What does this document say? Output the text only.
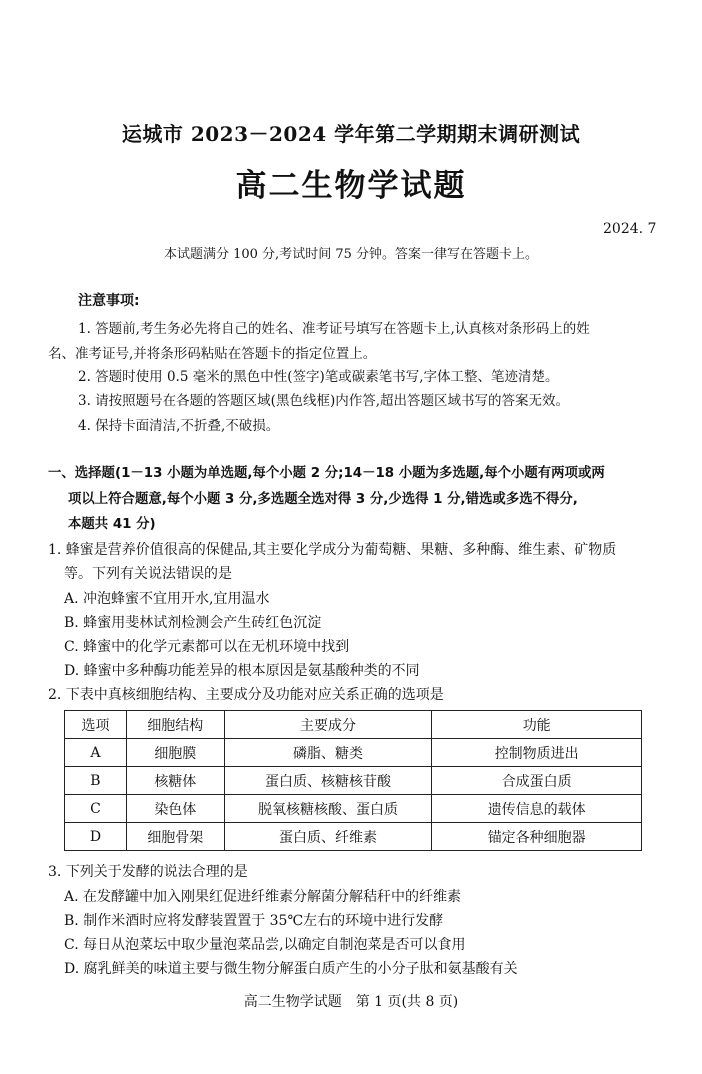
运城市 2023－2024 学年第二学期期末调研测试
高二生物学试题
2024. 7
本试题满分 100 分,考试时间 75 分钟。答案一律写在答题卡上。
注意事项:
1. 答题前,考生务必先将自己的姓名、准考证号填写在答题卡上,认真核对条形码上的姓
名、准考证号,并将条形码粘贴在答题卡的指定位置上。
2. 答题时使用 0.5 毫米的黑色中性(签字)笔或碳素笔书写,字体工整、笔迹清楚。
3. 请按照题号在各题的答题区域(黑色线框)内作答,超出答题区域书写的答案无效。
4. 保持卡面清洁,不折叠,不破损。
一、选择题(1－13 小题为单选题,每个小题 2 分;14－18 小题为多选题,每个小题有两项或两
项以上符合题意,每个小题 3 分,多选题全选对得 3 分,少选得 1 分,错选或多选不得分,
本题共 41 分)
1. 蜂蜜是营养价值很高的保健品,其主要化学成分为葡萄糖、果糖、多种酶、维生素、矿物质
等。下列有关说法错误的是
A. 冲泡蜂蜜不宜用开水,宜用温水
B. 蜂蜜用斐林试剂检测会产生砖红色沉淀
C. 蜂蜜中的化学元素都可以在无机环境中找到
D. 蜂蜜中多种酶功能差异的根本原因是氨基酸种类的不同
2. 下表中真核细胞结构、主要成分及功能对应关系正确的选项是
选项	细胞结构	主要成分	功能
A	细胞膜	磷脂、糖类	控制物质进出
B	核糖体	蛋白质、核糖核苷酸	合成蛋白质
C	染色体	脱氧核糖核酸、蛋白质	遗传信息的载体
D	细胞骨架	蛋白质、纤维素	锚定各种细胞器
3. 下列关于发酵的说法合理的是
A. 在发酵罐中加入刚果红促进纤维素分解菌分解秸秆中的纤维素
B. 制作米酒时应将发酵装置置于 35℃左右的环境中进行发酵
C. 每日从泡菜坛中取少量泡菜品尝,以确定自制泡菜是否可以食用
D. 腐乳鲜美的味道主要与微生物分解蛋白质产生的小分子肽和氨基酸有关
高二生物学试题　第 1 页(共 8 页)
